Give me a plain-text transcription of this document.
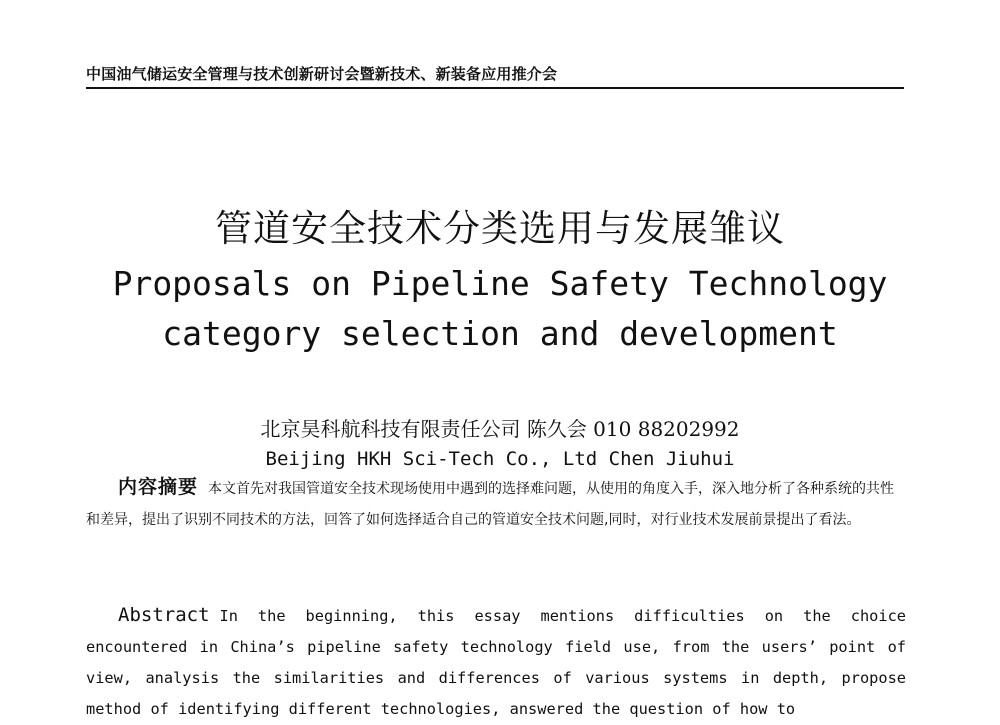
中国油气储运安全管理与技术创新研讨会暨新技术、新装备应用推介会
管道安全技术分类选用与发展雏议
Proposals on Pipeline Safety Technology
category selection and development
北京昊科航科技有限责任公司 陈久会 010 88202992
Beijing HKH Sci-Tech Co., Ltd Chen Jiuhui
内容摘要 本文首先对我国管道安全技术现场使用中遇到的选择难问题，从使用的角度入手，深入地分析了各种系统的共性和差异，提出了识别不同技术的方法，回答了如何选择适合自己的管道安全技术问题,同时，对行业技术发展前景提出了看法。
Abstract In the beginning, this essay mentions difficulties on the choice encountered in China’s pipeline safety technology field use, from the users’ point of view, analysis the similarities and differences of various systems in depth, propose method of identifying different technologies, answered the question of how to
